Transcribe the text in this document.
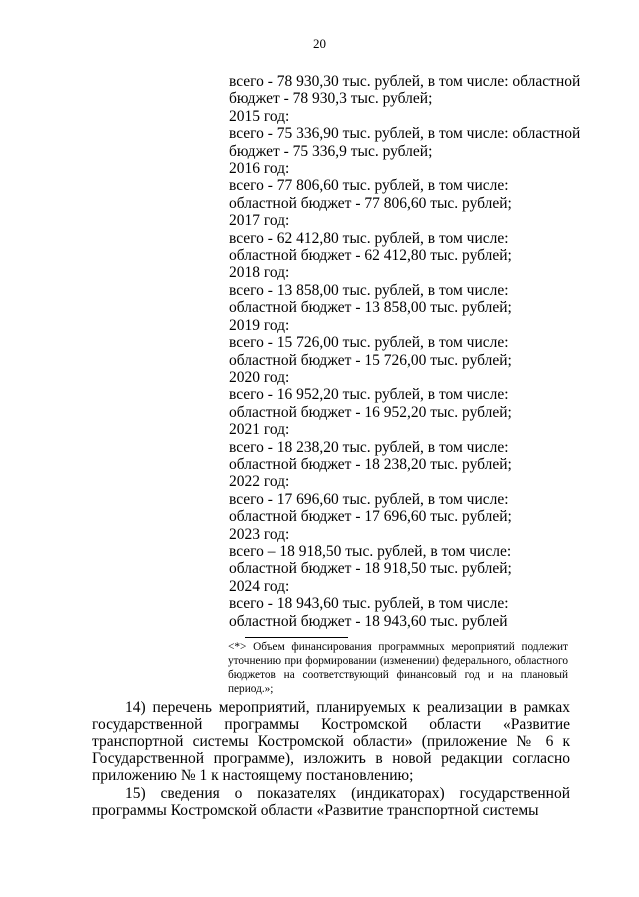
20
всего - 78 930,30 тыс. рублей, в том числе: областной
бюджет - 78 930,3 тыс. рублей;
2015 год:
всего - 75 336,90 тыс. рублей, в том числе: областной
бюджет - 75 336,9 тыс. рублей;
2016 год:
всего - 77 806,60 тыс. рублей, в том числе:
областной бюджет - 77 806,60 тыс. рублей;
2017 год:
всего - 62 412,80 тыс. рублей, в том числе:
областной бюджет - 62 412,80 тыс. рублей;
2018 год:
всего - 13 858,00 тыс. рублей, в том числе:
областной бюджет - 13 858,00 тыс. рублей;
2019 год:
всего - 15 726,00 тыс. рублей, в том числе:
областной бюджет - 15 726,00 тыс. рублей;
2020 год:
всего - 16 952,20 тыс. рублей, в том числе:
областной бюджет - 16 952,20 тыс. рублей;
2021 год:
всего - 18 238,20 тыс. рублей, в том числе:
областной бюджет - 18 238,20 тыс. рублей;
2022 год:
всего - 17 696,60 тыс. рублей, в том числе:
областной бюджет - 17 696,60 тыс. рублей;
2023 год:
всего – 18 918,50 тыс. рублей, в том числе:
областной бюджет - 18 918,50 тыс. рублей;
2024 год:
всего - 18 943,60 тыс. рублей, в том числе:
областной бюджет - 18 943,60 тыс. рублей
<*> Объем финансирования программных мероприятий подлежит уточнению при формировании (изменении) федерального, областного бюджетов на соответствующий финансовый год и на плановый период.»;
14) перечень мероприятий, планируемых к реализации в рамках государственной программы Костромской области «Развитие транспортной системы Костромской области» (приложение № 6 к Государственной программе), изложить в новой редакции согласно приложению № 1 к настоящему постановлению;
15) сведения о показателях (индикаторах) государственной программы Костромской области «Развитие транспортной системы
